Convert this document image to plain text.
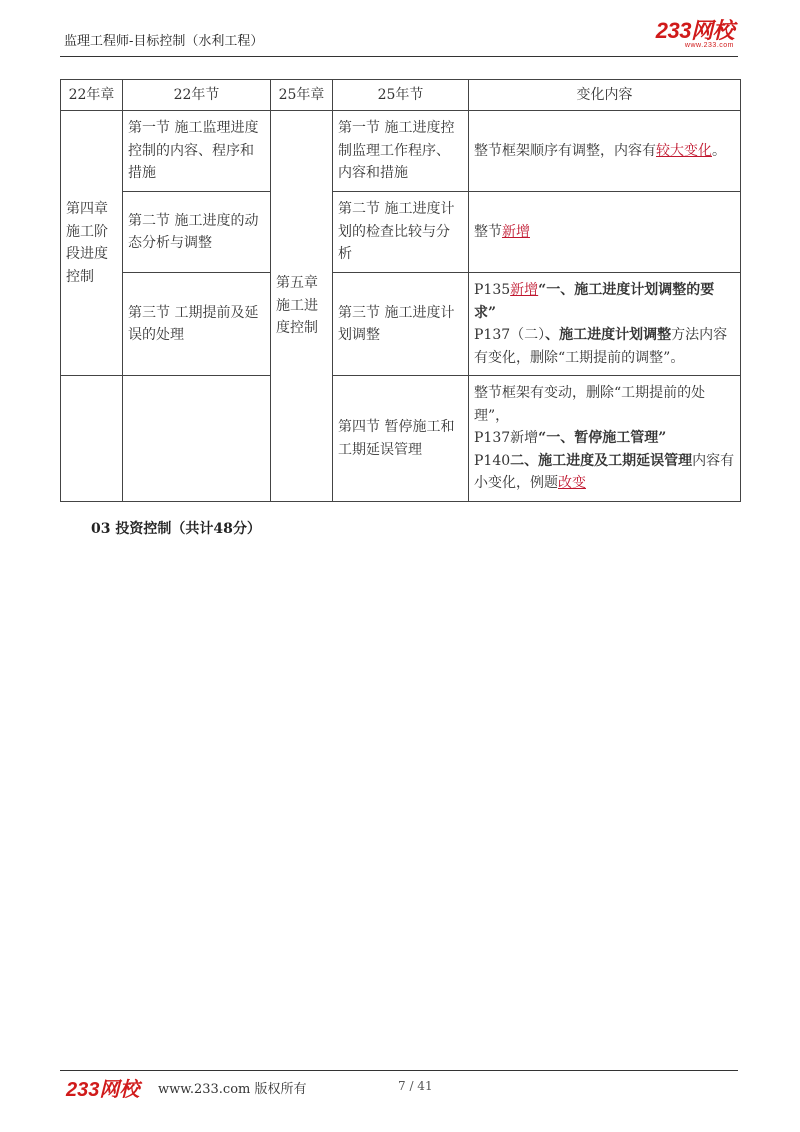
监理工程师-目标控制（水利工程）	233网校
www.233.com
22年章	22年节	25年章	25年节	变化内容
第四章施工阶段进度控制	第一节 施工监理进度控制的内容、程序和措施	第五章施工进度控制	第一节 施工进度控制监理工作程序、内容和措施	整节框架顺序有调整，内容有较大变化。
	第二节 施工进度的动态分析与调整		第二节 施工进度计划的检查比较与分析	整节新增
	第三节 工期提前及延误的处理		第三节 施工进度计划调整	P135新增“一、施工进度计划调整的要求”
P137（二）、施工进度计划调整方法内容有变化，删除“工期提前的调整”。
			第四节 暂停施工和工期延误管理	整节框架有变动，删除“工期提前的处理”，
P137新增“一、暂停施工管理”
P140二、施工进度及工期延误管理内容有小变化，例题改变
03 投资控制（共计48分）
233网校 www.233.com 版权所有	7 / 41
